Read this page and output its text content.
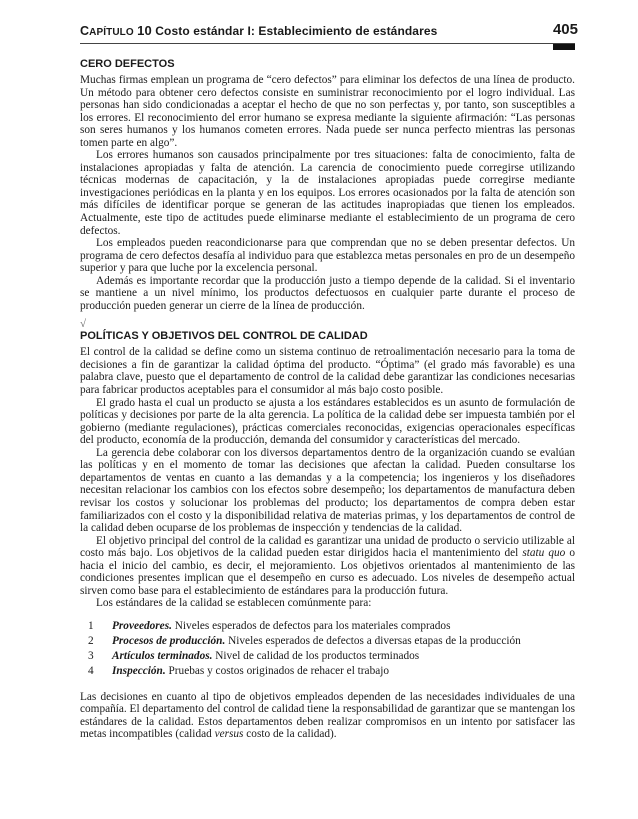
CAPÍTULO 10 Costo estándar I: Establecimiento de estándares	405
CERO DEFECTOS

Muchas firmas emplean un programa de “cero defectos” para eliminar los defectos de una línea de producto. Un método para obtener cero defectos consiste en suministrar reconocimiento por el logro individual. Las personas han sido condicionadas a aceptar el hecho de que no son perfectas y, por tanto, son susceptibles a los errores. El reconocimiento del error humano se expresa mediante la siguiente afirmación: “Las personas son seres humanos y los humanos cometen errores. Nada puede ser nunca perfecto mientras las personas tomen parte en algo”.

Los errores humanos son causados principalmente por tres situaciones: falta de conocimiento, falta de instalaciones apropiadas y falta de atención. La carencia de conocimiento puede corregirse utilizando técnicas modernas de capacitación, y la de instalaciones apropiadas puede corregirse mediante investigaciones periódicas en la planta y en los equipos. Los errores ocasionados por la falta de atención son más difíciles de identificar porque se generan de las actitudes inapropiadas que tienen los empleados. Actualmente, este tipo de actitudes puede eliminarse mediante el establecimiento de un programa de cero defectos.

Los empleados pueden reacondicionarse para que comprendan que no se deben presentar defectos. Un programa de cero defectos desafía al individuo para que establezca metas personales en pro de un desempeño superior y para que luche por la excelencia personal.

Además es importante recordar que la producción justo a tiempo depende de la calidad. Si el inventario se mantiene a un nivel mínimo, los productos defectuosos en cualquier parte durante el proceso de producción pueden generar un cierre de la línea de producción.

√
POLÍTICAS Y OBJETIVOS DEL CONTROL DE CALIDAD

El control de la calidad se define como un sistema continuo de retroalimentación necesario para la toma de decisiones a fin de garantizar la calidad óptima del producto. “Óptima” (el grado más favorable) es una palabra clave, puesto que el departamento de control de la calidad debe garantizar las condiciones necesarias para fabricar productos aceptables para el consumidor al más bajo costo posible.

El grado hasta el cual un producto se ajusta a los estándares establecidos es un asunto de formulación de políticas y decisiones por parte de la alta gerencia. La política de la calidad debe ser impuesta también por el gobierno (mediante regulaciones), prácticas comerciales reconocidas, exigencias operacionales específicas del producto, economía de la producción, demanda del consumidor y características del mercado.

La gerencia debe colaborar con los diversos departamentos dentro de la organización cuando se evalúan las políticas y en el momento de tomar las decisiones que afectan la calidad. Pueden consultarse los departamentos de ventas en cuanto a las demandas y a la competencia; los ingenieros y los diseñadores necesitan relacionar los cambios con los efectos sobre desempeño; los departamentos de manufactura deben revisar los costos y solucionar los problemas del producto; los departamentos de compra deben estar familiarizados con el costo y la disponibilidad relativa de materias primas, y los departamentos de control de la calidad deben ocuparse de los problemas de inspección y tendencias de la calidad.

El objetivo principal del control de la calidad es garantizar una unidad de producto o servicio utilizable al costo más bajo. Los objetivos de la calidad pueden estar dirigidos hacia el mantenimiento del statu quo o hacia el inicio del cambio, es decir, el mejoramiento. Los objetivos orientados al mantenimiento de las condiciones presentes implican que el desempeño en curso es adecuado. Los niveles de desempeño actual sirven como base para el establecimiento de estándares para la producción futura.

Los estándares de la calidad se establecen comúnmente para:

1	Proveedores. Niveles esperados de defectos para los materiales comprados
2	Procesos de producción. Niveles esperados de defectos a diversas etapas de la producción
3	Artículos terminados. Nivel de calidad de los productos terminados
4	Inspección. Pruebas y costos originados de rehacer el trabajo

Las decisiones en cuanto al tipo de objetivos empleados dependen de las necesidades individuales de una compañía. El departamento del control de calidad tiene la responsabilidad de garantizar que se mantengan los estándares de la calidad. Estos departamentos deben realizar compromisos en un intento por satisfacer las metas incompatibles (calidad versus costo de la calidad).
